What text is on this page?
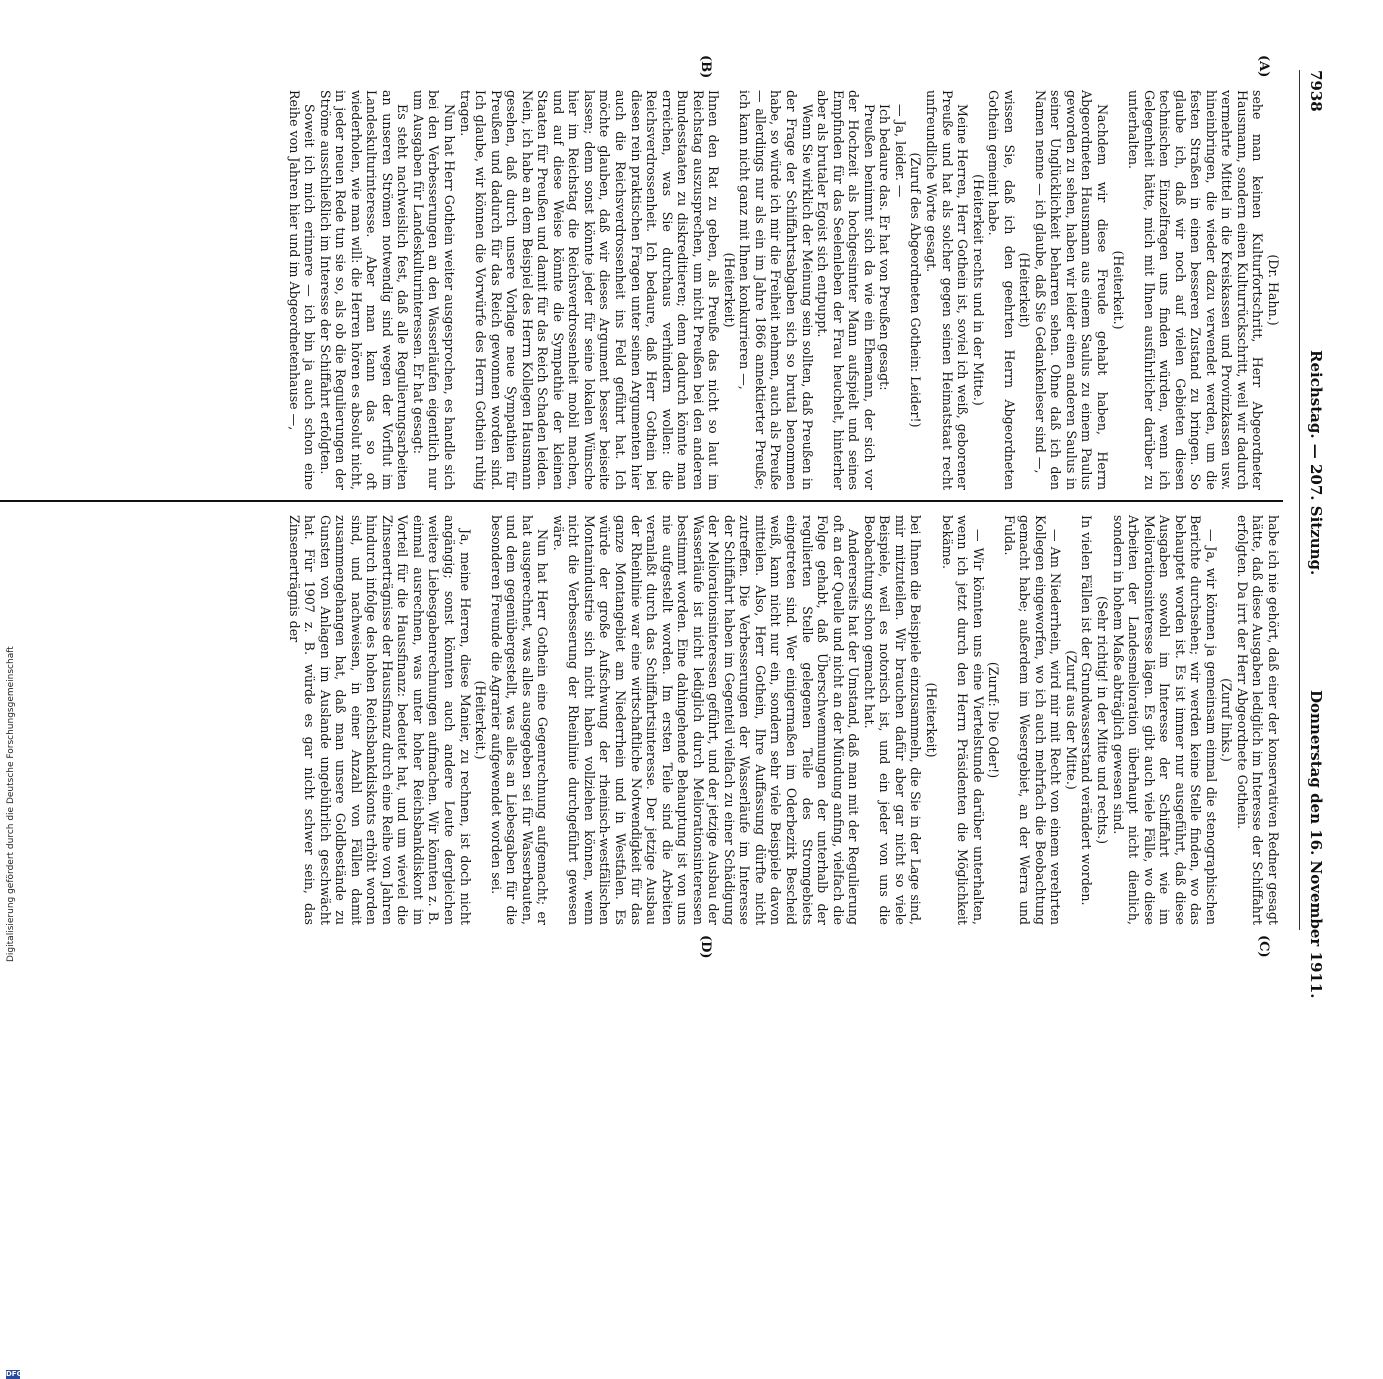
7938
Reichstag. — 207. Sitzung.
Donnerstag den 16. November 1911.
(A)
(B)
(C)
(D)

(Dr. Hahn.)

sehe man keinen Kulturfortschritt, Herr Abgeordneter Hausmann, sondern einen Kulturrückschritt, weil wir dadurch vermehrte Mittel in die Kreiskassen und Provinzkassen usw. hineinbringen, die wieder dazu verwendet werden, um die festen Straßen in einen besseren Zustand zu bringen. So glaube ich, daß wir noch auf vielen Gebieten diesen technischen Einzelfragen uns finden würden, wenn ich Gelegenheit hätte, mich mit Ihnen ausführlicher darüber zu unterhalten.

(Heiterkeit.)

Nachdem wir diese Freude gehabt haben, Herrn Abgeordneten Hausmann aus einem Saulus zu einem Paulus geworden zu sehen, haben wir leider einen anderen Saulus in seiner Unglücklichkeit beharren sehen. Ohne daß ich den Namen nenne — ich glaube, daß Sie Gedankenleser sind —,

(Heiterkeit)

wissen Sie, daß ich den geehrten Herrn Abgeordneten Gothein gemeint habe.

(Heiterkeit rechts und in der Mitte.)

Meine Herren, Herr Gothein ist, soviel ich weiß, geborener Preuße und hat als solcher gegen seinen Heimatstaat recht unfreundliche Worte gesagt.

(Zuruf des Abgeordneten Gothein: Leider!)

— Ja, leider. —

Ich bedaure das. Er hat von Preußen gesagt:

Preußen benimmt sich da wie ein Ehemann, der sich vor der Hochzeit als hochgesinnter Mann aufspielt und seines Empfinden für das Seelenleben der Frau heuchelt, hinterher aber als brutaler Egoist sich entpuppt.

Wenn Sie wirklich der Meinung sein sollten, daß Preußen in der Frage der Schiffahrtsabgaben sich so brutal benommen habe, so würde ich mir die Freiheit nehmen, auch als Preuße — allerdings nur als ein im Jahre 1866 annektierter Preuße; ich kann nicht ganz mit Ihnen konkurrieren —,

(Heiterkeit)

Ihnen den Rat zu geben, als Preuße das nicht so laut im Reichstag auszusprechen, um nicht Preußen bei den anderen Bundesstaaten zu diskreditieren; denn dadurch könnte man erreichen, was Sie durchaus verhindern wollen: die Reichsverdrossenheit. Ich bedaure, daß Herr Gothein bei diesen rein praktischen Fragen unter seinen Argumenten hier auch die Reichsverdrossenheit ins Feld geführt hat. Ich möchte glauben, daß wir dieses Argument besser beiseite lassen; denn sonst könnte jeder für seine lokalen Wünsche hier im Reichstag die Reichsverdrossenheit mobil machen, und auf diese Weise könnte die Sympathie der kleinen Staaten für Preußen und damit für das Reich Schaden leiden. Nein, ich habe an dem Beispiel des Herrn Kollegen Hausmann gesehen, daß durch unsere Vorlage neue Sympathien für Preußen und dadurch für das Reich gewonnen worden sind. Ich glaube, wir können die Vorwürfe des Herrn Gothein ruhig tragen.

Nun hat Herr Gothein weiter ausgesprochen, es handle sich bei den Verbesserungen an den Wasserläufen eigentlich nur um Ausgaben für Landeskulturinteressen. Er hat gesagt:

Es steht nachweislich fest, daß alle Regulierungsarbeiten an unseren Strömen notwendig sind wegen der Vorflut im Landeskulturinteresse. Aber man kann das so oft wiederholen, wie man will: die Herren hören es absolut nicht, in jeder neuen Rede tun sie so, als ob die Regulierungen der Ströme ausschließlich im Interesse der Schiffahrt erfolgten.

Soweit ich mich erinnere — ich bin ja auch schon eine Reihe von Jahren hier und im Abgeordnetenhause —,

habe ich nie gehört, daß einer der konservativen Redner gesagt hätte, daß diese Ausgaben lediglich im Interesse der Schiffahrt erfolgten. Da irrt der Herr Abgeordnete Gothein.

(Zuruf links.)

— Ja, wir können ja gemeinsam einmal die stenographischen Berichte durchsehen; wir werden keine Stelle finden, wo das behauptet worden ist. Es ist immer nur ausgeführt, daß diese Ausgaben sowohl im Interesse der Schiffahrt wie im Meliorationsinteresse lägen. Es gibt auch viele Fälle, wo diese Arbeiten der Landesmelioration überhaupt nicht dienlich, sondern in hohem Maße abträglich gewesen sind.

(Sehr richtig! in der Mitte und rechts.)

In vielen Fällen ist der Grundwasserstand verändert worden.

(Zuruf aus der Mitte.)

— Am Niederrhein, wird mir mit Recht von einem verehrten Kollegen eingeworfen, wo ich auch mehrfach die Beobachtung gemacht habe; außerdem im Wesergebiet, an der Werra und Fulda.

(Zuruf: Die Oder!)

— Wir könnten uns eine Viertelstunde darüber unterhalten, wenn ich jetzt durch den Herrn Präsidenten die Möglichkeit bekäme.

(Heiterkeit)

bei Ihnen die Beispiele einzusammeln, die Sie in der Lage sind, mir mitzuteilen. Wir brauchen dafür aber gar nicht so viele Beispiele, weil es notorisch ist, und ein jeder von uns die Beobachtung schon gemacht hat.

Andererseits hat der Umstand, daß man mit der Regulierung oft an der Quelle und nicht an der Mündung anfing, vielfach die Folge gehabt, daß Überschwemmungen der unterhalb der regulierten Stelle gelegenen Teile des Stromgebiets eingetreten sind. Wer einigermaßen im Oderbezirk Bescheid weiß, kann nicht nur ein, sondern sehr viele Beispiele davon mitteilen. Also, Herr Gothein, Ihre Auffassung dürfte nicht zutreffen. Die Verbesserungen der Wasserläufe im Interesse der Schiffahrt haben im Gegenteil vielfach zu einer Schädigung der Meliorationsinteressen geführt, und der jetzige Ausbau der Wasserläufe ist nicht lediglich durch Meliorationsinteressen bestimmt worden. Eine dahingehende Behauptung ist von uns nie aufgestellt worden. Im ersten Teile sind die Arbeiten veranlaßt durch das Schiffahrtsinteresse. Der jetzige Ausbau der Rheinlinie war eine wirtschaftliche Notwendigkeit für das ganze Montangebiet am Niederrhein und in Westfalen. Es würde der große Aufschwung der rheinisch-westfälischen Montanindustrie sich nicht haben vollziehen können, wenn nicht die Verbesserung der Rheinlinie durchgeführt gewesen wäre.

Nun hat Herr Gothein eine Gegenrechnung aufgemacht; er hat ausgerechnet, was alles ausgegeben sei für Wasserbauten, und dem gegenübergestellt, was alles an Liebesgaben für die besonderen Freunde die Agrarier aufgewendet worden sei.

(Heiterkeit.)

Ja, meine Herren, diese Manier, zu rechnen, ist doch nicht angängig; sonst könnten auch andere Leute dergleichen weitere Liebesgabenrechnungen aufmachen. Wir könnten z. B. einmal ausrechnen, was unter hoher Reichsbankdiskont im Vorteil für die Haussfinanz: bedeutet hat, und um wieviel die Zinsenerträgnisse der Haussfinanz durch eine Reihe von Jahren hindurch infolge des hohen Reichsbankdiskonts erhöht worden sind, und nachweisen, in einer Anzahl von Fällen damit zusammengehangen hat, daß man unsere Goldbestände zu Gunsten von Anlagen im Auslande ungebührlich geschwächt hat. Für 1907 z. B. würde es gar nicht schwer sein, das Zinsenerträgnis der

DFG
Digitalisierung gefördert durch die Deutsche Forschungsgemeinschaft
